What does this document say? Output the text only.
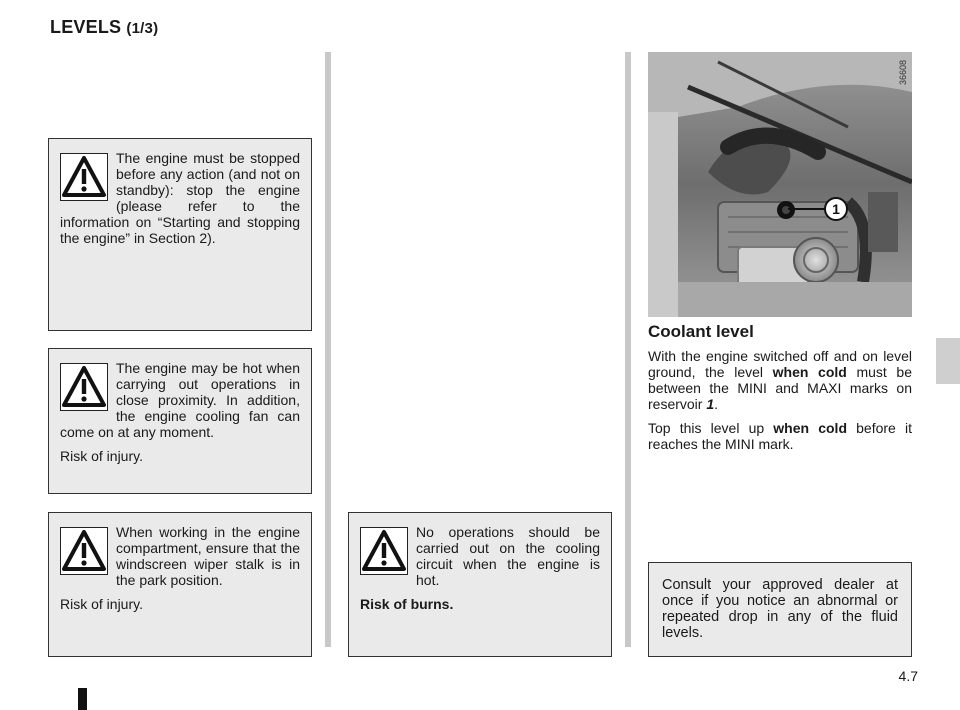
LEVELS (1/3)

The engine must be stopped before any action (and not on standby): stop the engine (please refer to the information on “Starting and stopping the engine” in Section 2).

The engine may be hot when carrying out operations in close proximity. In addition, the engine cooling fan can come on at any moment.

Risk of injury.

When working in the engine compartment, ensure that the windscreen wiper stalk is in the park position.

Risk of injury.

No operations should be carried out on the cooling circuit when the engine is hot.

Risk of burns.

1
36608
Coolant level

With the engine switched off and on level ground, the level when cold must be between the MINI and MAXI marks on reservoir 1.

Top this level up when cold before it reaches the MINI mark.

Consult your approved dealer at once if you notice an abnormal or repeated drop in any of the fluid levels.

4.7
